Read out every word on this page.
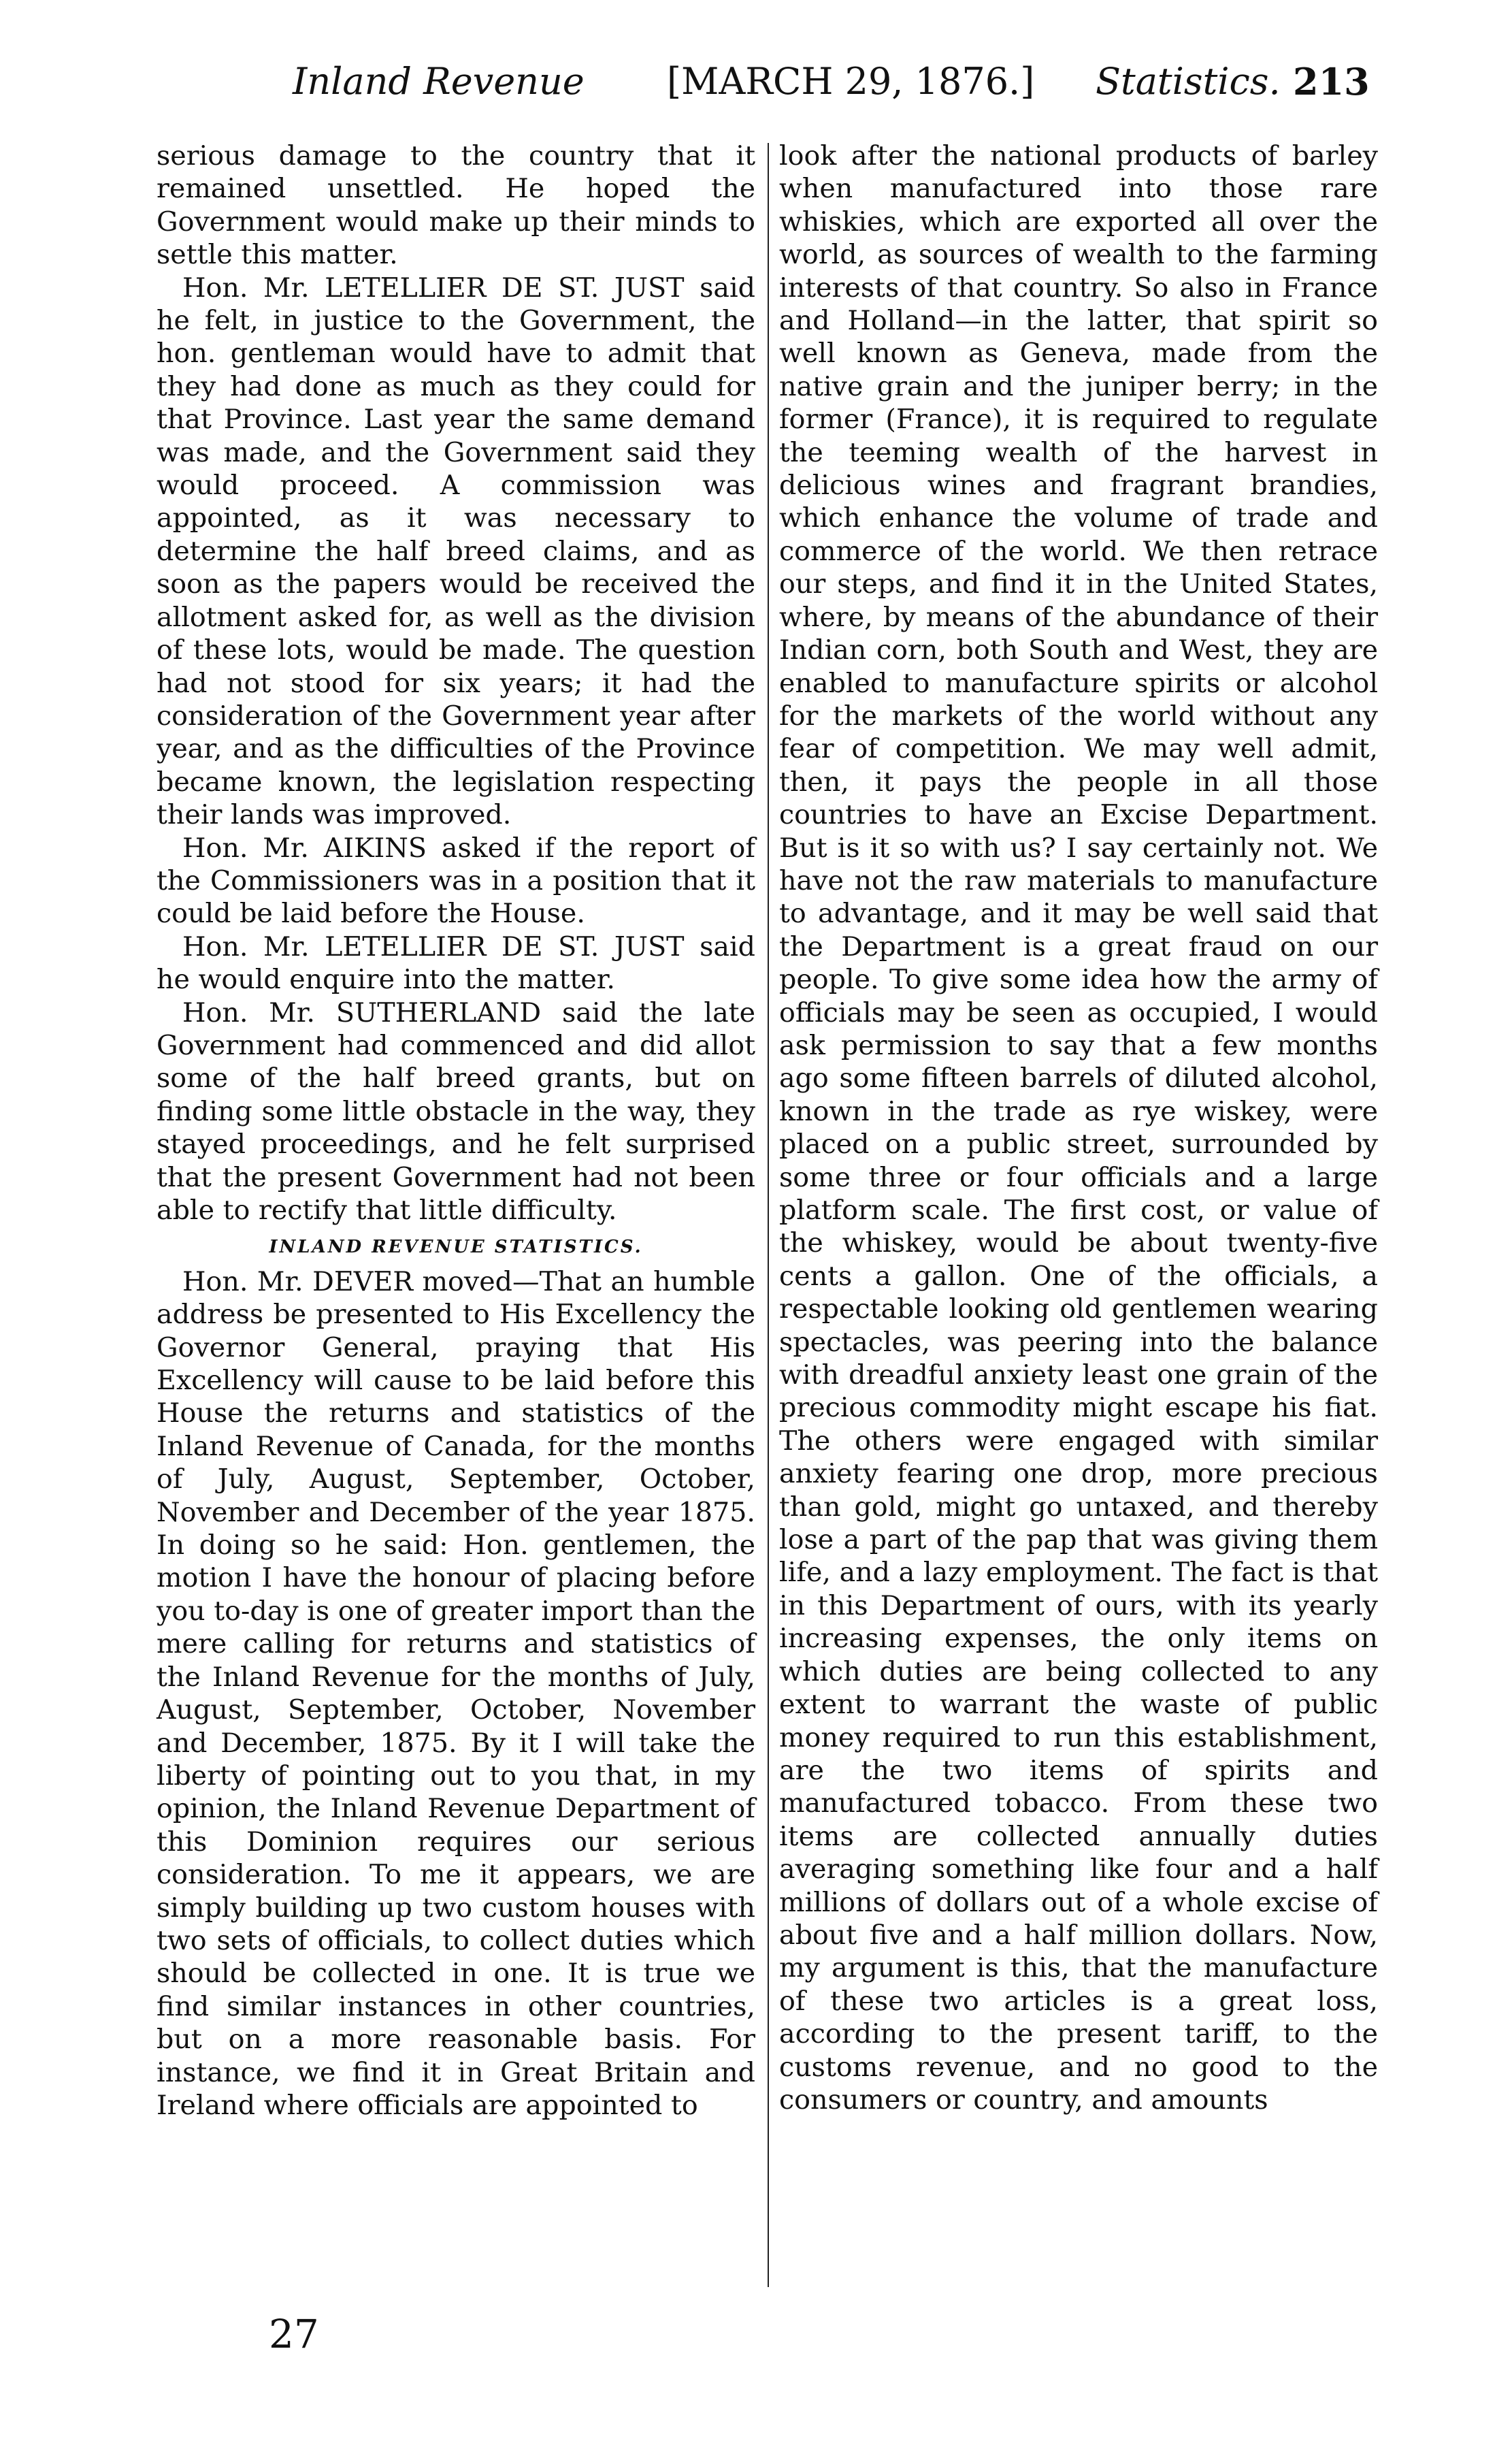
Inland Revenue [MARCH 29, 1876.] Statistics. 213

serious damage to the country that it remained unsettled. He hoped the Government would make up their minds to settle this matter.

Hon. Mr. LETELLIER DE ST. JUST said he felt, in justice to the Government, the hon. gentleman would have to admit that they had done as much as they could for that Province. Last year the same demand was made, and the Government said they would proceed. A commission was appointed, as it was necessary to determine the half breed claims, and as soon as the papers would be received the allotment asked for, as well as the division of these lots, would be made. The question had not stood for six years; it had the consideration of the Government year after year, and as the difficulties of the Province became known, the legislation respecting their lands was improved.

Hon. Mr. AIKINS asked if the report of the Commissioners was in a position that it could be laid before the House.

Hon. Mr. LETELLIER DE ST. JUST said he would enquire into the matter.

Hon. Mr. SUTHERLAND said the late Government had commenced and did allot some of the half breed grants, but on finding some little obstacle in the way, they stayed proceedings, and he felt surprised that the present Government had not been able to rectify that little difficulty.

INLAND REVENUE STATISTICS.

Hon. Mr. DEVER moved—That an humble address be presented to His Excellency the Governor General, praying that His Excellency will cause to be laid before this House the returns and statistics of the Inland Revenue of Canada, for the months of July, August, September, October, November and December of the year 1875. In doing so he said: Hon. gentlemen, the motion I have the honour of placing before you to-day is one of greater import than the mere calling for returns and statistics of the Inland Revenue for the months of July, August, September, October, November and December, 1875. By it I will take the liberty of pointing out to you that, in my opinion, the Inland Revenue Department of this Dominion requires our serious consideration. To me it appears, we are simply building up two custom houses with two sets of officials, to collect duties which should be collected in one. It is true we find similar instances in other countries, but on a more reasonable basis. For instance, we find it in Great Britain and Ireland where officials are appointed to

look after the national products of barley when manufactured into those rare whiskies, which are exported all over the world, as sources of wealth to the farming interests of that country. So also in France and Holland—in the latter, that spirit so well known as Geneva, made from the native grain and the juniper berry; in the former (France), it is required to regulate the teeming wealth of the harvest in delicious wines and fragrant brandies, which enhance the volume of trade and commerce of the world. We then retrace our steps, and find it in the United States, where, by means of the abundance of their Indian corn, both South and West, they are enabled to manufacture spirits or alcohol for the markets of the world without any fear of competition. We may well admit, then, it pays the people in all those countries to have an Excise Department. But is it so with us? I say certainly not. We have not the raw materials to manufacture to advantage, and it may be well said that the Department is a great fraud on our people. To give some idea how the army of officials may be seen as occupied, I would ask permission to say that a few months ago some fifteen barrels of diluted alcohol, known in the trade as rye wiskey, were placed on a public street, surrounded by some three or four officials and a large platform scale. The first cost, or value of the whiskey, would be about twenty-five cents a gallon. One of the officials, a respectable looking old gentlemen wearing spectacles, was peering into the balance with dreadful anxiety least one grain of the precious commodity might escape his fiat. The others were engaged with similar anxiety fearing one drop, more precious than gold, might go untaxed, and thereby lose a part of the pap that was giving them life, and a lazy employment. The fact is that in this Department of ours, with its yearly increasing expenses, the only items on which duties are being collected to any extent to warrant the waste of public money required to run this establishment, are the two items of spirits and manufactured tobacco. From these two items are collected annually duties averaging something like four and a half millions of dollars out of a whole excise of about five and a half million dollars. Now, my argument is this, that the manufacture of these two articles is a great loss, according to the present tariff, to the customs revenue, and no good to the consumers or country, and amounts

27
